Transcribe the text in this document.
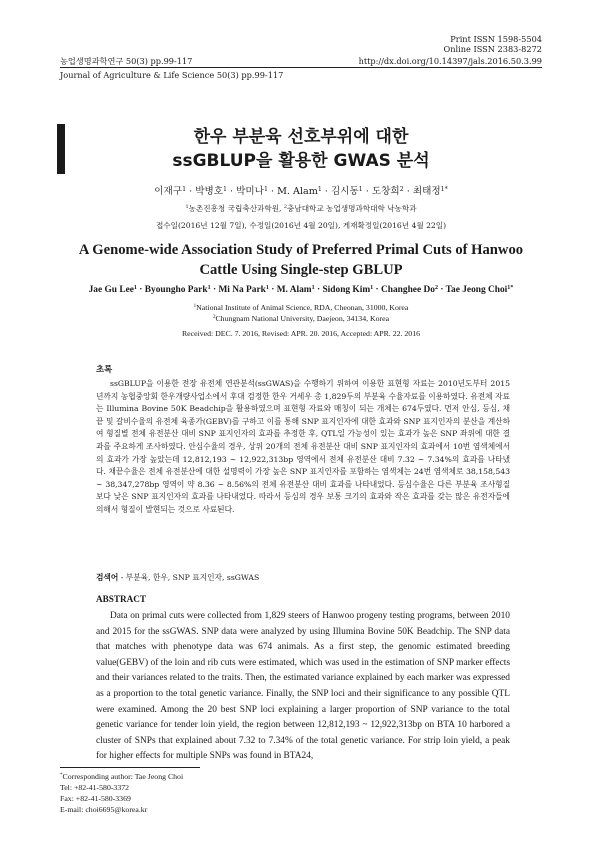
Print ISSN 1598-5504
Online ISSN 2383-8272
농업생명과학연구 50(3) pp.99-117	http://dx.doi.org/10.14397/jals.2016.50.3.99
Journal of Agriculture & Life Science 50(3) pp.99-117
한우 부분육 선호부위에 대한
ssGBLUP을 활용한 GWAS 분석
이재구$^1$ · 박병호$^1$ · 박미나$^1$ · M. Alam$^1$ · 김시동$^1$ · 도창희$^2$ · 최태정$^{1*}$
$^1$농촌진흥청 국립축산과학원, $^2$충남대학교 농업생명과학대학 낙농학과
접수일(2016년 12월 7일), 수정일(2016년 4월 20일), 게재확정일(2016년 4월 22일)
A Genome-wide Association Study of Preferred Primal Cuts of Hanwoo
Cattle Using Single-step GBLUP
Jae Gu Lee$^1$ · Byoungho Park$^1$ · Mi Na Park$^1$ · M. Alam$^1$ · Sidong Kim$^1$ · Changhee $Do^2$ · Tae Jeong Choi$^{1*}$
$^1$National Institute of Animal Science, RDA, Cheonan, 31000, Korea
$^2$Chungnam National University, Daejeon, 34134, Korea
Received: DEC. 7. 2016, Revised: APR. 20. 2016, Accepted: APR. 22. 2016
초록
ssGBLUP을 이용한 전장 유전체 연관분석(ssGWAS)을 수행하기 위하여 이용한 표현형 자료는 2010년도부터 2015년까지 농협중앙회 한우개량사업소에서 후대 검정한 한우 거세우 총 1,829두의 부분육 수율자료를 이용하였다. 유전체 자료는 Illumina Bovine 50K Beadchip을 활용하였으며 표현형 자료와 매칭이 되는 개체는 674두였다. 먼저 안심, 등심, 채끝 및 갈비수율의 유전체 육종가(GEBV)를 구하고 이를 통해 SNP 표지인자에 대한 효과와 SNP 표지인자의 분산을 계산하여 형질별 전체 유전분산 대비 SNP 표지인자의 효과를 추정한 후, QTL일 가능성이 있는 효과가 높은 SNP 좌위에 대한 결과를 주요하게 조사하였다. 안심수율의 경우, 상위 20개의 전체 유전분산 대비 SNP 표지인자의 효과에서 10번 염색체에서의 효과가 가장 높았는데 12,812,193 ~ 12,922,313bp 영역에서 전체 유전분산 대비 7.32 ~ 7.34%의 효과를 나타냈다. 채끝수율은 전체 유전분산에 대한 설명력이 가장 높은 SNP 표지인자를 포함하는 염색체는 24번 염색체로 38,158,543 ~ 38,347,278bp 영역이 약 8.36 ~ 8.56%의 전체 유전분산 대비 효과를 나타내었다. 등심수율은 다른 부분육 조사형질보다 낮은 SNP 표지인자의 효과를 나타내었다. 따라서 등심의 경우 보통 크기의 효과와 작은 효과를 갖는 많은 유전자들에 의해서 형질이 발현되는 것으로 사료된다.
검색어 - 부분육, 한우, SNP 표지인자, ssGWAS
ABSTRACT
Data on primal cuts were collected from 1,829 steers of Hanwoo progeny testing programs, between 2010 and 2015 for the ssGWAS. SNP data were analyzed by using Illumina Bovine 50K Beadchip. The SNP data that matches with phenotype data was 674 animals. As a first step, the genomic estimated breeding value(GEBV) of the loin and rib cuts were estimated, which was used in the estimation of SNP marker effects and their variances related to the traits. Then, the estimated variance explained by each marker was expressed as a proportion to the total genetic variance. Finally, the SNP loci and their significance to any possible QTL were examined. Among the 20 best SNP loci explaining a larger proportion of SNP variance to the total genetic variance for tender loin yield, the region between 12,812,193 ~ 12,922,313bp on BTA 10 harbored a cluster of SNPs that explained about 7.32 to 7.34% of the total genetic variance. For strip loin yield, a peak for higher effects for multiple SNPs was found in BTA24,
*Corresponding author: Tae Jeong Choi
Tel: +82-41-580-3372
Fax: +82-41-580-3369
E-mail: choi6695@korea.kr
